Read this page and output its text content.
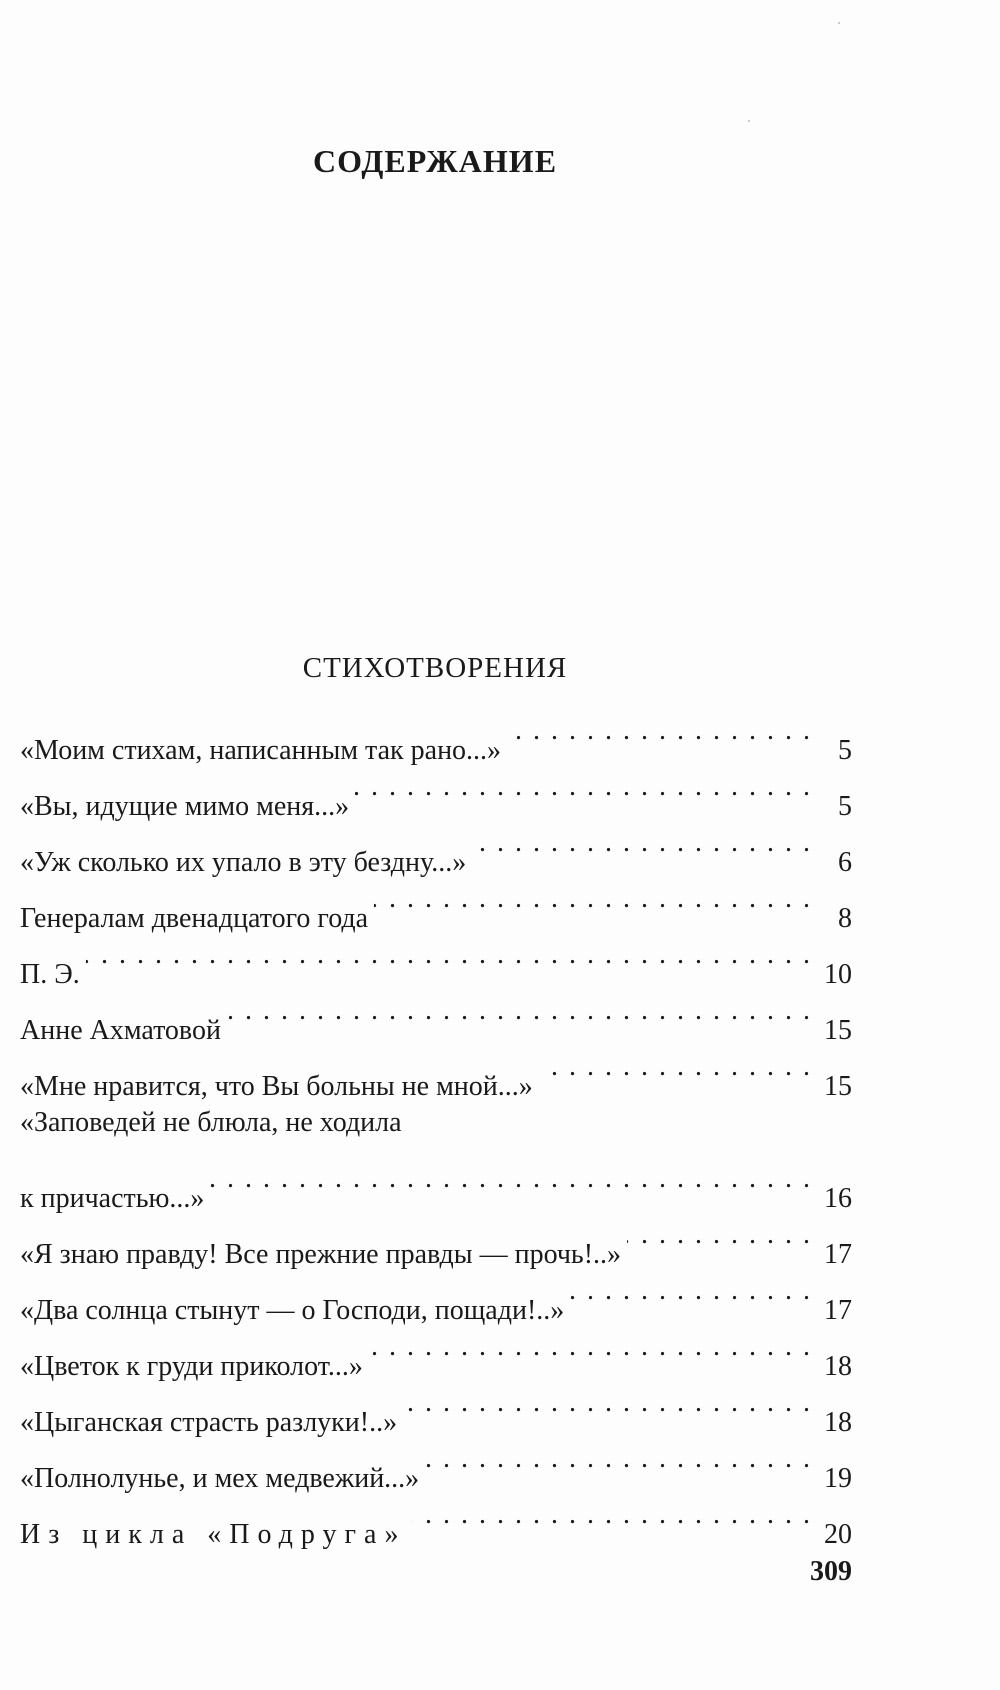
СОДЕРЖАНИЕ
СТИХОТВОРЕНИЯ
«Моим стихам, написанным так рано...» . . .	5
«Вы, идущие мимо меня...» . . .	5
«Уж сколько их упало в эту бездну...» . . .	6
Генералам двенадцатого года . . .	8
П. Э. . . .	10
Анне Ахматовой . . .	15
«Мне нравится, что Вы больны не мной...» . . .	15
«Заповедей не блюла, не ходила
к причастью...» . . .	16
«Я знаю правду! Все прежние правды — прочь!..» . . .	17
«Два солнца стынут — о Господи, пощади!..» . . .	17
«Цветок к груди приколот...» . . .	18
«Цыганская страсть разлуки!..» . . .	18
«Полнолунье, и мех медвежий...» . . .	19
Из цикла «Подруга» . . .	20
309
